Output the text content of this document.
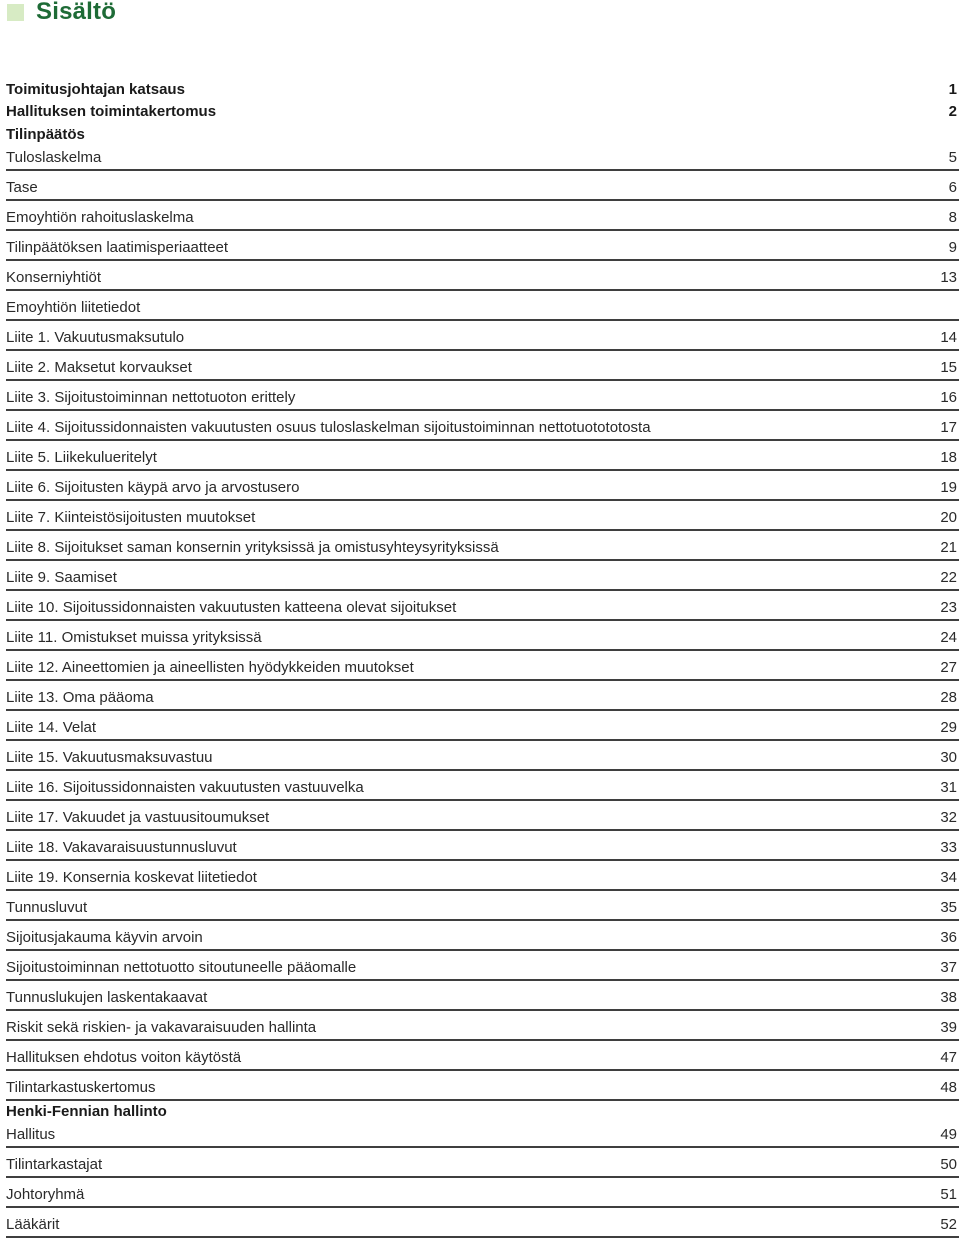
Sisältö
Toimitusjohtajan katsaus	1
Hallituksen toimintakertomus	2
Tilinpäätös
Tuloslaskelma	5
Tase	6
Emoyhtiön rahoituslaskelma	8
Tilinpäätöksen laatimisperiaatteet	9
Konserniyhtiöt	13
Emoyhtiön liitetiedot
Liite 1. Vakuutusmaksutulo	14
Liite 2. Maksetut korvaukset	15
Liite 3. Sijoitustoiminnan nettotuoton erittely	16
Liite 4. Sijoitussidonnaisten vakuutusten osuus tuloslaskelman sijoitustoiminnan nettotuotototosta	17
Liite 5. Liikekulueritelyt	18
Liite 6. Sijoitusten käypä arvo ja arvostusero	19
Liite 7. Kiinteistösijoitusten muutokset	20
Liite 8. Sijoitukset saman konsernin yrityksissä ja omistusyhteysyrityksissä	21
Liite 9. Saamiset	22
Liite 10. Sijoitussidonnaisten vakuutusten katteena olevat sijoitukset	23
Liite 11. Omistukset muissa yrityksissä	24
Liite 12. Aineettomien ja aineellisten hyödykkeiden muutokset	27
Liite 13. Oma pääoma	28
Liite 14. Velat	29
Liite 15. Vakuutusmaksuvastuu	30
Liite 16. Sijoitussidonnaisten vakuutusten vastuuvelka	31
Liite 17. Vakuudet ja vastuusitoumukset	32
Liite 18. Vakavaraisuustunnusluvut	33
Liite 19. Konsernia koskevat liitetiedot	34
Tunnusluvut	35
Sijoitusjakauma käyvin arvoin	36
Sijoitustoiminnan nettotuotto sitoutuneelle pääomalle	37
Tunnuslukujen laskentakaavat	38
Riskit sekä riskien- ja vakavaraisuuden hallinta	39
Hallituksen ehdotus voiton käytöstä	47
Tilintarkastuskertomus	48
Henki-Fennian hallinto
Hallitus	49
Tilintarkastajat	50
Johtoryhmä	51
Lääkärit	52
